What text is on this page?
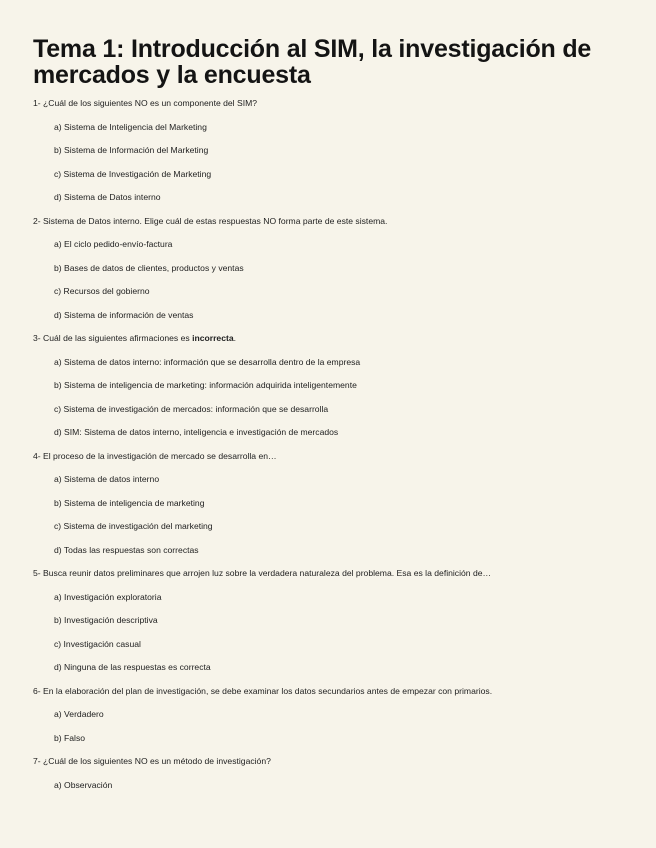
Tema 1: Introducción al SIM, la investigación de mercados y la encuesta

1- ¿Cuál de los siguientes NO es un componente del SIM?

a) Sistema de Inteligencia del Marketing
b) Sistema de Información del Marketing
c) Sistema de Investigación de Marketing
d) Sistema de Datos interno

2- Sistema de Datos interno. Elige cuál de estas respuestas NO forma parte de este sistema.

a) El ciclo pedido-envío-factura
b) Bases de datos de clientes, productos y ventas
c) Recursos del gobierno
d) Sistema de información de ventas

3- Cuál de las siguientes afirmaciones es incorrecta.

a) Sistema de datos interno: información que se desarrolla dentro de la empresa
b) Sistema de inteligencia de marketing: información adquirida inteligentemente
c) Sistema de investigación de mercados: información que se desarrolla
d) SIM: Sistema de datos interno, inteligencia e investigación de mercados

4- El proceso de la investigación de mercado se desarrolla en…

a) Sistema de datos interno
b) Sistema de inteligencia de marketing
c) Sistema de investigación del marketing
d) Todas las respuestas son correctas

5- Busca reunir datos preliminares que arrojen luz sobre la verdadera naturaleza del problema. Esa es la definición de…

a) Investigación exploratoria
b) Investigación descriptiva
c) Investigación casual
d) Ninguna de las respuestas es correcta

6- En la elaboración del plan de investigación, se debe examinar los datos secundarios antes de empezar con primarios.

a) Verdadero
b) Falso

7- ¿Cuál de los siguientes NO es un método de investigación?

a) Observación
